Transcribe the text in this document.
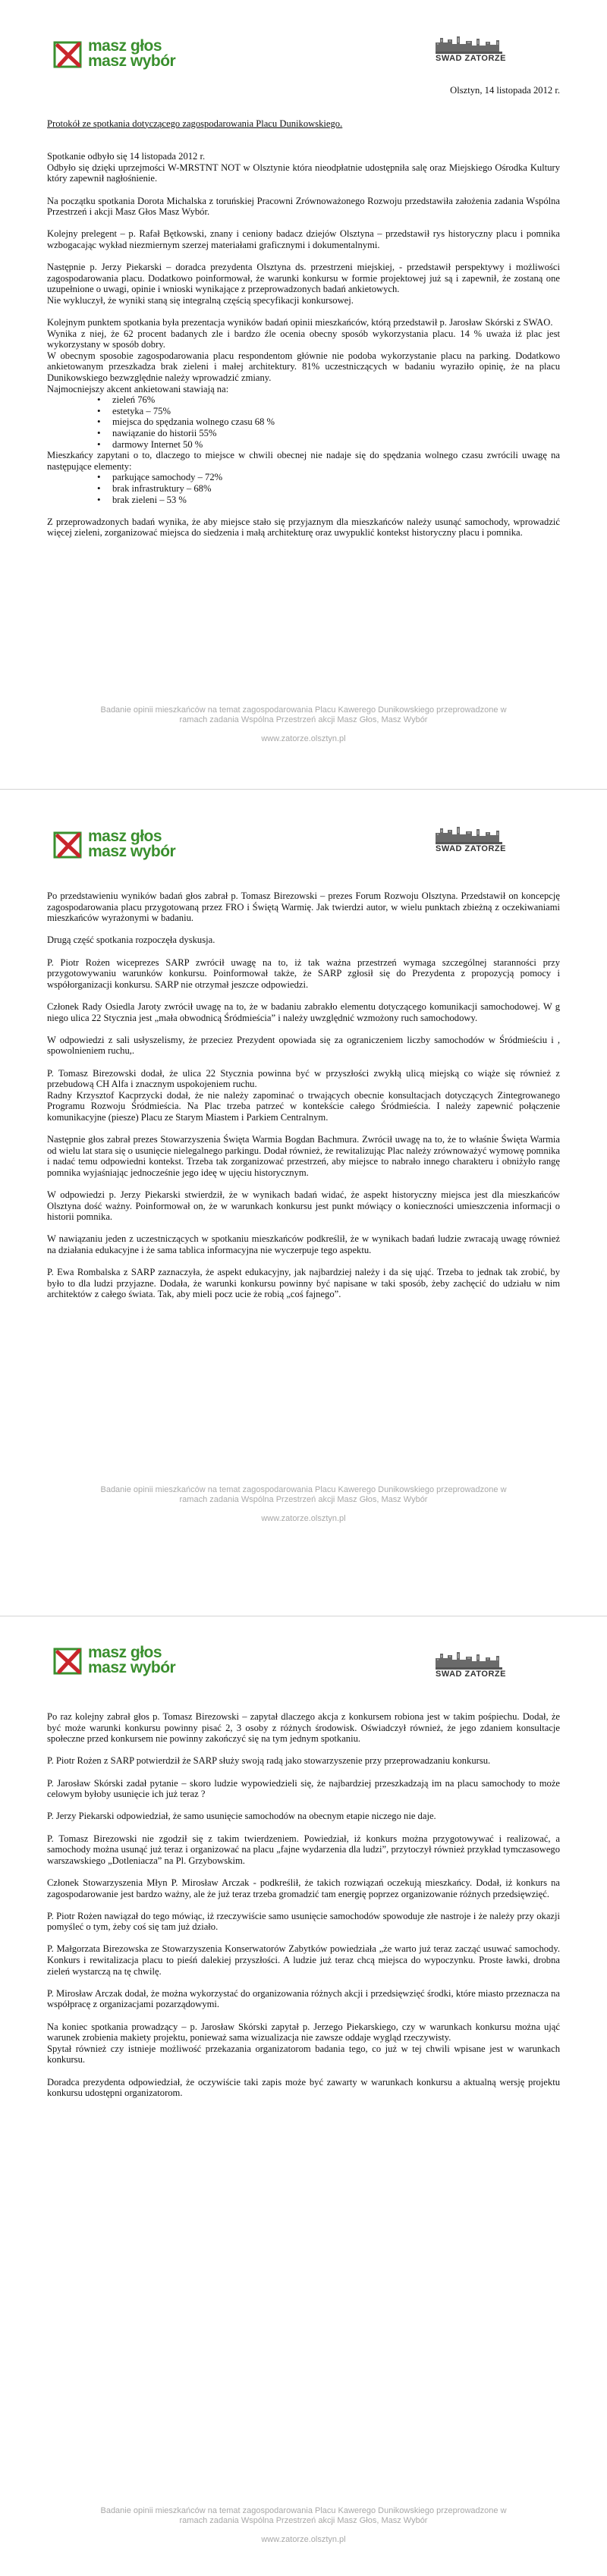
masz głos
masz wybór	SWAD ZATORZE

Olsztyn, 14 listopada 2012 r.

Protokół ze spotkania dotyczącego zagospodarowania Placu Dunikowskiego.

Spotkanie odbyło się 14 listopada 2012 r.

Odbyło się dzięki uprzejmości W-MRSTNT NOT w Olsztynie która nieodpłatnie udostępniła salę oraz Miejskiego Ośrodka Kultury który zapewnił nagłośnienie.

Na początku spotkania Dorota Michalska z toruńskiej Pracowni Zrównoważonego Rozwoju przedstawiła założenia zadania Wspólna Przestrzeń i akcji Masz Głos Masz Wybór.

Kolejny prelegent – p. Rafał Bętkowski, znany i ceniony badacz dziejów Olsztyna – przedstawił rys historyczny placu i pomnika wzbogacając wykład niezmiernym szerzej materiałami graficznymi i dokumentalnymi.

Następnie p. Jerzy Piekarski – doradca prezydenta Olsztyna ds. przestrzeni miejskiej, - przedstawił perspektywy i możliwości zagospodarowania placu. Dodatkowo poinformował, że warunki konkursu w formie projektowej już są i zapewnił, że zostaną one uzupełnione o uwagi, opinie i wnioski wynikające z przeprowadzonych badań ankietowych.

Nie wykluczył, że wyniki staną się integralną częścią specyfikacji konkursowej.

Kolejnym punktem spotkania była prezentacja wyników badań opinii mieszkańców, którą przedstawił p. Jarosław Skórski z SWAO.

Wynika z niej, że 62 procent badanych zle i bardzo źle ocenia obecny sposób wykorzystania placu. 14 % uważa iż plac jest wykorzystany w sposób dobry.

W obecnym sposobie zagospodarowania placu respondentom głównie nie podoba wykorzystanie placu na parking. Dodatkowo ankietowanym przeszkadza brak zieleni i małej architektury. 81% uczestniczących w badaniu wyraziło opinię, że na placu Dunikowskiego bezwzględnie należy wprowadzić zmiany.

Najmocniejszy akcent ankietowani stawiają na:

• zieleń 76%
• estetyka – 75%
• miejsca do spędzania wolnego czasu 68 %
• nawiązanie do historii 55%
• darmowy Internet 50 %

Mieszkańcy zapytani o to, dlaczego to miejsce w chwili obecnej nie nadaje się do spędzania wolnego czasu zwrócili uwagę na następujące elementy:

• parkujące samochody – 72%
• brak infrastruktury – 68%
• brak zieleni – 53 %

Z przeprowadzonych badań wynika, że aby miejsce stało się przyjaznym dla mieszkańców należy usunąć samochody, wprowadzić więcej zieleni, zorganizować miejsca do siedzenia i małą architekturę oraz uwypuklić kontekst historyczny placu i pomnika.

Badanie opinii mieszkańców na temat zagospodarowania Placu Kawerego Dunikowskiego przeprowadzone w
ramach zadania Wspólna Przestrzeń akcji Masz Głos, Masz Wybór
www.zatorze.olsztyn.pl
masz głos
masz wybór	SWAD ZATORZE

Po przedstawieniu wyników badań głos zabrał p. Tomasz Birezowski – prezes Forum Rozwoju Olsztyna. Przedstawił on koncepcję zagospodarowania placu przygotowaną przez FRO i Świętą Warmię. Jak twierdzi autor, w wielu punktach zbieżną z oczekiwaniami mieszkańców wyrażonymi w badaniu.

Drugą część spotkania rozpoczęła dyskusja.

P. Piotr Rożen wiceprezes SARP zwrócił uwagę na to, iż tak ważna przestrzeń wymaga szczególnej staranności przy przygotowywaniu warunków konkursu. Poinformował także, że SARP zgłosił się do Prezydenta z propozycją pomocy i współorganizacji konkursu. SARP nie otrzymał jeszcze odpowiedzi.

Członek Rady Osiedla Jaroty zwrócił uwagę na to, że w badaniu zabrakło elementu dotyczącego komunikacji samochodowej. W g niego ulica 22 Stycznia jest „mała obwodnicą Śródmieścia” i należy uwzględnić wzmożony ruch samochodowy.

W odpowiedzi z sali usłyszelismy, że przeciez Prezydent opowiada się za ograniczeniem liczby samochodów w Śródmieściu i , spowolnieniem ruchu,.

P. Tomasz Birezowski dodał, że ulica 22 Stycznia powinna być w przyszłości zwykłą ulicą miejską co wiąże się również z przebudową CH Alfa i znacznym uspokojeniem ruchu.

Radny Krzysztof Kacprzycki dodał, że nie należy zapominać o trwających obecnie konsultacjach dotyczących Zintegrowanego Programu Rozwoju Śródmieścia. Na Plac trzeba patrzeć w kontekście całego Śródmieścia. I należy zapewnić połączenie komunikacyjne (piesze) Placu ze Starym Miastem i Parkiem Centralnym.

Następnie głos zabrał prezes Stowarzyszenia Święta Warmia Bogdan Bachmura. Zwrócił uwagę na to, że to właśnie Święta Warmia od wielu lat stara się o usunięcie nielegalnego parkingu. Dodał również, że rewitalizując Plac należy zrównoważyć wymowę pomnika i nadać temu odpowiedni kontekst. Trzeba tak zorganizować przestrzeń, aby miejsce to nabrało innego charakteru i obniżyło rangę pomnika wyjaśniając jednocześnie jego ideę w ujęciu historycznym.

W odpowiedzi p. Jerzy Piekarski stwierdził, że w wynikach badań widać, że aspekt historyczny miejsca jest dla mieszkańców Olsztyna dość ważny. Poinformował on, że w warunkach konkursu jest punkt mówiący o konieczności umieszczenia informacji o historii pomnika.

W nawiązaniu jeden z uczestniczących w spotkaniu mieszkańców podkreślił, że w wynikach badań ludzie zwracają uwagę również na działania edukacyjne i że sama tablica informacyjna nie wyczerpuje tego aspektu.

P. Ewa Rombalska z SARP zaznaczyła, że aspekt edukacyjny, jak najbardziej należy i da się ująć. Trzeba to jednak tak zrobić, by było to dla ludzi przyjazne. Dodała, że warunki konkursu powinny być napisane w taki sposób, żeby zachęcić do udziału w nim architektów z całego świata. Tak, aby mieli pocz ucie że robią „coś fajnego”.

Badanie opinii mieszkańców na temat zagospodarowania Placu Kawerego Dunikowskiego przeprowadzone w
ramach zadania Wspólna Przestrzeń akcji Masz Głos, Masz Wybór
www.zatorze.olsztyn.pl
masz głos
masz wybór	SWAD ZATORZE

Po raz kolejny zabrał głos p. Tomasz Birezowski – zapytał dlaczego akcja z konkursem robiona jest w takim pośpiechu. Dodał, że być może warunki konkursu powinny pisać 2, 3 osoby z różnych środowisk. Oświadczył również, że jego zdaniem konsultacje społeczne przed konkursem nie powinny zakończyć się na tym jednym spotkaniu.

P. Piotr Rożen z SARP potwierdził że SARP służy swoją radą jako stowarzyszenie przy przeprowadzaniu konkursu.

P. Jarosław Skórski zadał pytanie – skoro ludzie wypowiedzieli się, że najbardziej przeszkadzają im na placu samochody to może celowym byłoby usunięcie ich już teraz ?

P. Jerzy Piekarski odpowiedział, że samo usunięcie samochodów na obecnym etapie niczego nie daje.

P. Tomasz Birezowski nie zgodził się z takim twierdzeniem. Powiedział, iż konkurs można przygotowywać i realizować, a samochody można usunąć już teraz i organizować na placu „fajne wydarzenia dla ludzi”, przytoczył również przykład tymczasowego warszawskiego „Dotleniacza” na Pl. Grzybowskim.

Członek Stowarzyszenia Młyn P. Mirosław Arczak - podkreślił, że takich rozwiązań oczekują mieszkańcy. Dodał, iż konkurs na zagospodarowanie jest bardzo ważny, ale że już teraz trzeba gromadzić tam energię poprzez organizowanie różnych przedsięwzięć.

P. Piotr Rożen nawiązał do tego mówiąc, iż rzeczywiście samo usunięcie samochodów spowoduje złe nastroje i że należy przy okazji pomyśleć o tym, żeby coś się tam już działo.

P. Małgorzata Birezowska ze Stowarzyszenia Konserwatorów Zabytków powiedziała „że warto już teraz zacząć usuwać samochody. Konkurs i rewitalizacja placu to pieśń dalekiej przyszłości. A ludzie już teraz chcą miejsca do wypoczynku. Proste ławki, drobna zieleń wystarczą na tę chwilę.

P. Mirosław Arczak dodał, że można wykorzystać do organizowania różnych akcji i przedsięwzięć środki, które miasto przeznacza na współpracę z organizacjami pozarządowymi.

Na koniec spotkania prowadzący – p. Jarosław Skórski zapytał p. Jerzego Piekarskiego, czy w warunkach konkursu można ująć warunek zrobienia makiety projektu, ponieważ sama wizualizacja nie zawsze oddaje wygląd rzeczywisty.

Spytał również czy istnieje możliwość przekazania organizatorom badania tego, co już w tej chwili wpisane jest w warunkach konkursu.

Doradca prezydenta odpowiedział, że oczywiście taki zapis może być zawarty w warunkach konkursu a aktualną wersję projektu konkursu udostępni organizatorom.

Badanie opinii mieszkańców na temat zagospodarowania Placu Kawerego Dunikowskiego przeprowadzone w
ramach zadania Wspólna Przestrzeń akcji Masz Głos, Masz Wybór
www.zatorze.olsztyn.pl
